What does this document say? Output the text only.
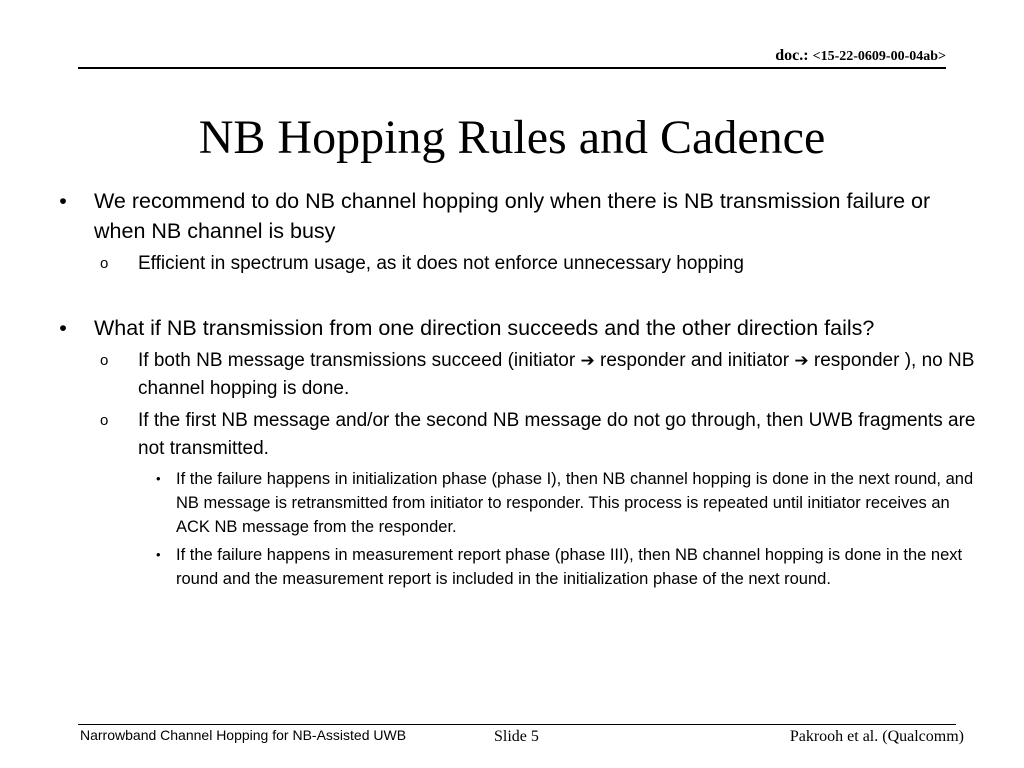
doc.: <15-22-0609-00-04ab>
NB Hopping Rules and Cadence
• We recommend to do NB channel hopping only when there is NB transmission failure or when NB channel is busy
o Efficient in spectrum usage, as it does not enforce unnecessary hopping
• What if NB transmission from one direction succeeds and the other direction fails?
o If both NB message transmissions succeed (initiator ➔ responder and initiator ➔ responder ), no NB channel hopping is done.
o If the first NB message and/or the second NB message do not go through, then UWB fragments are not transmitted.
• If the failure happens in initialization phase (phase I), then NB channel hopping is done in the next round, and NB message is retransmitted from initiator to responder. This process is repeated until initiator receives an ACK NB message from the responder.
• If the failure happens in measurement report phase (phase III), then NB channel hopping is done in the next round and the measurement report is included in the initialization phase of the next round.
Narrowband Channel Hopping for NB-Assisted UWB	Slide 5	Pakrooh et al. (Qualcomm)
